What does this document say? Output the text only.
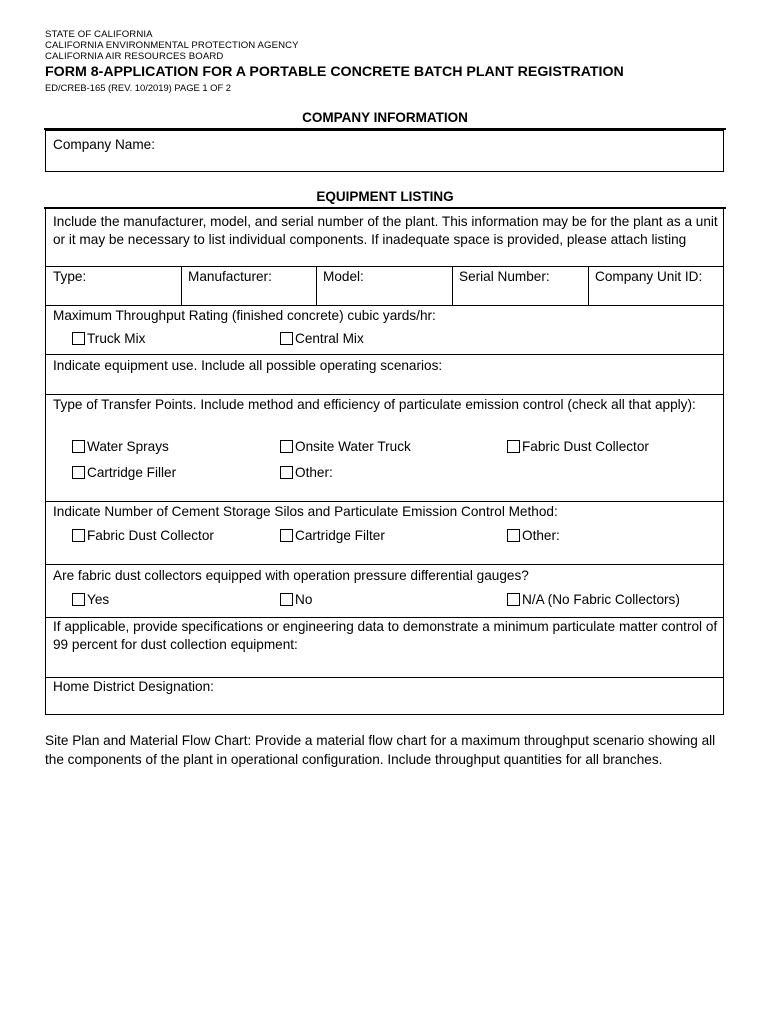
STATE OF CALIFORNIA
CALIFORNIA ENVIRONMENTAL PROTECTION AGENCY
CALIFORNIA AIR RESOURCES BOARD
FORM 8-APPLICATION FOR A PORTABLE CONCRETE BATCH PLANT REGISTRATION
ED/CREB-165 (REV. 10/2019) PAGE 1 OF 2
COMPANY INFORMATION
Company Name:
EQUIPMENT LISTING
Include the manufacturer, model, and serial number of the plant. This information may be for the plant as a unit or it may be necessary to list individual components. If inadequate space is provided, please attach listing
Type:	Manufacturer:	Model:	Serial Number:	Company Unit ID:
Maximum Throughput Rating (finished concrete) cubic yards/hr:
Truck Mix	Central Mix
Indicate equipment use. Include all possible operating scenarios:
Type of Transfer Points. Include method and efficiency of particulate emission control (check all that apply):
Water Sprays	Onsite Water Truck	Fabric Dust Collector
Cartridge Filler	Other:
Indicate Number of Cement Storage Silos and Particulate Emission Control Method:
Fabric Dust Collector	Cartridge Filter	Other:
Are fabric dust collectors equipped with operation pressure differential gauges?
Yes	No	N/A (No Fabric Collectors)
If applicable, provide specifications or engineering data to demonstrate a minimum particulate matter control of 99 percent for dust collection equipment:
Home District Designation:
Site Plan and Material Flow Chart: Provide a material flow chart for a maximum throughput scenario showing all the components of the plant in operational configuration. Include throughput quantities for all branches.
